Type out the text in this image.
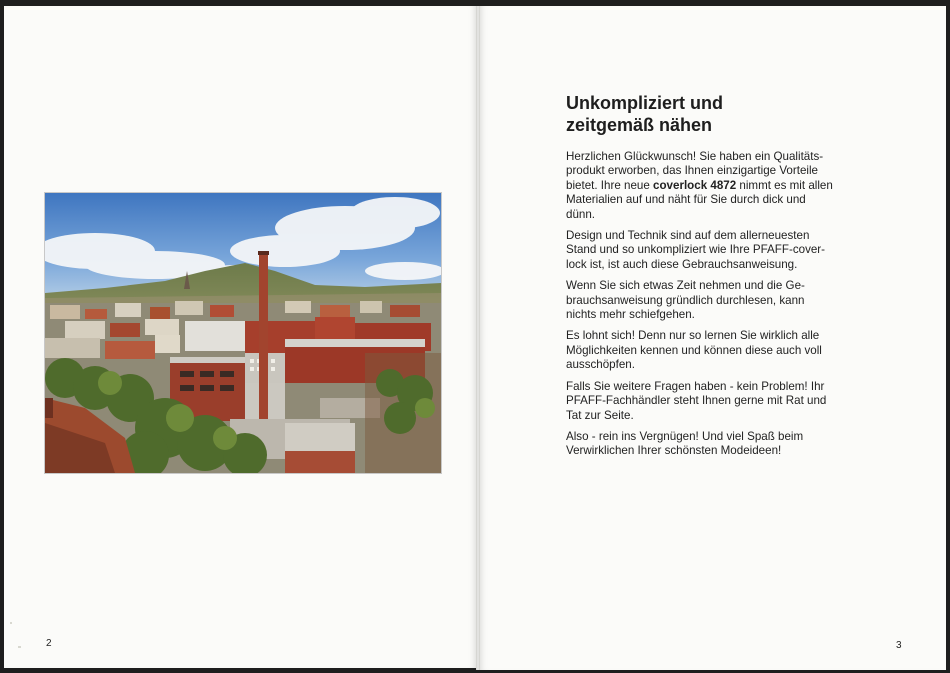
2
Unkompliziert und
zeitgemäß nähen

Herzlichen Glückwunsch! Sie haben ein Qualitäts-produkt erworben, das Ihnen einzigartige Vorteile bietet. Ihre neue coverlock 4872 nimmt es mit allen Materialien auf und näht für Sie durch dick und dünn.

Design und Technik sind auf dem allerneuesten Stand und so unkompliziert wie Ihre PFAFF-cover-lock ist, ist auch diese Gebrauchsanweisung.

Wenn Sie sich etwas Zeit nehmen und die Ge-brauchsanweisung gründlich durchlesen, kann nichts mehr schiefgehen.

Es lohnt sich! Denn nur so lernen Sie wirklich alle Möglichkeiten kennen und können diese auch voll ausschöpfen.

Falls Sie weitere Fragen haben - kein Problem! Ihr PFAFF-Fachhändler steht Ihnen gerne mit Rat und Tat zur Seite.

Also - rein ins Vergnügen! Und viel Spaß beim Verwirklichen Ihrer schönsten Modeideen!

3
